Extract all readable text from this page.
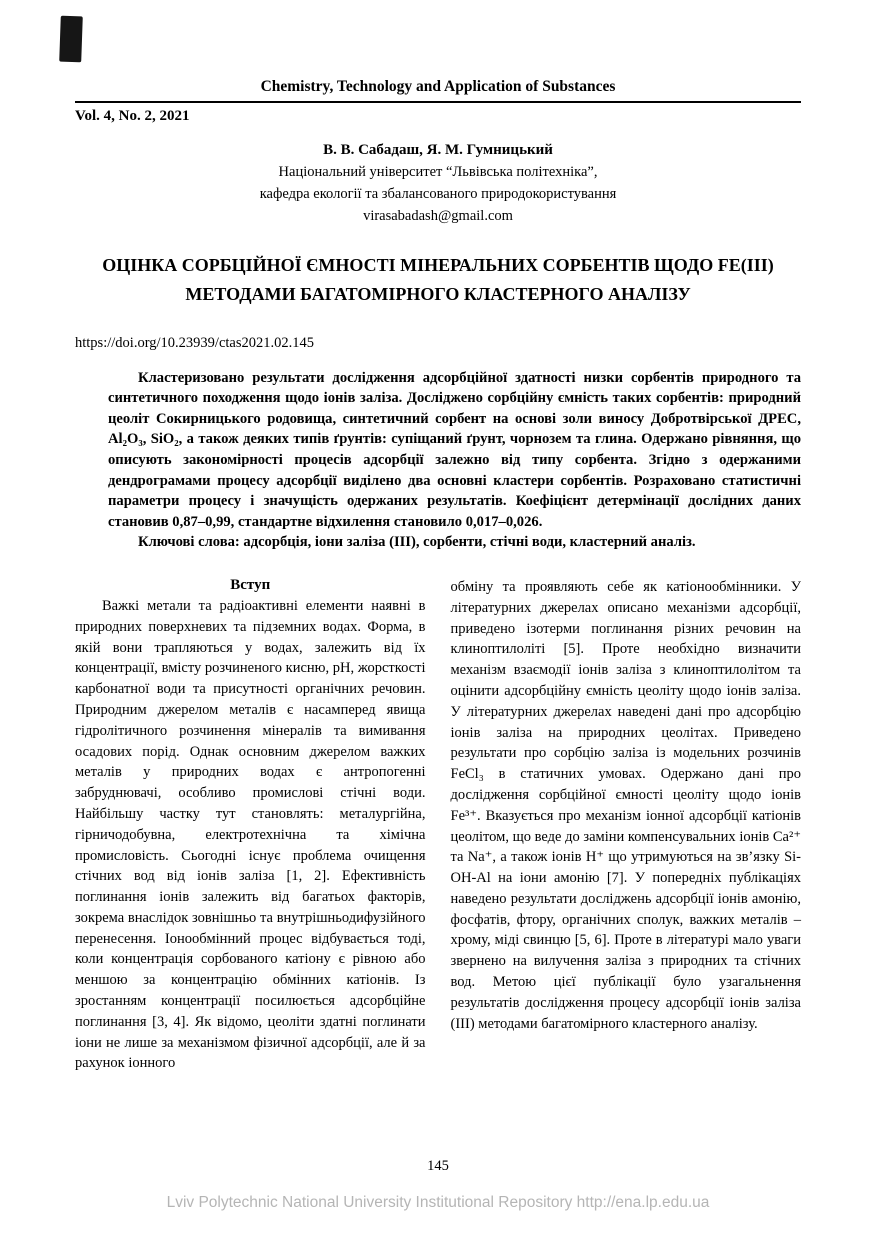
Chemistry, Technology and Application of Substances
Vol. 4, No. 2, 2021
В. В. Сабадаш, Я. М. Гумницький
Національний університет “Львівська політехніка”,
кафедра екології та збалансованого природокористування
virasabadash@gmail.com
ОЦІНКА СОРБЦІЙНОЇ ЄМНОСТІ МІНЕРАЛЬНИХ СОРБЕНТІВ ЩОДО FE(III) МЕТОДАМИ БАГАТОМІРНОГО КЛАСТЕРНОГО АНАЛІЗУ
https://doi.org/10.23939/ctas2021.02.145

Кластеризовано результати дослідження адсорбційної здатності низки сорбентів природного та синтетичного походження щодо іонів заліза. Досліджено сорбційну ємність таких сорбентів: природний цеоліт Сокирницького родовища, синтетичний сорбент на основі золи виносу Добротвірської ДРЕС, Al₂O₃, SiO₂, а також деяких типів ґрунтів: супіщаний ґрунт, чорнозем та глина. Одержано рівняння, що описують закономірності процесів адсорбції залежно від типу сорбента. Згідно з одержаними дендрограмами процесу адсорбції виділено два основні кластери сорбентів. Розраховано статистичні параметри процесу і значущість одержаних результатів. Коефіцієнт детермінації дослідних даних становив 0,87–0,99, стандартне відхилення становило 0,017–0,026.

Ключові слова: адсорбція, іони заліза (III), сорбенти, стічні води, кластерний аналіз.

Вступ

Важкі метали та радіоактивні елементи наявні в природних поверхневих та підземних водах. Форма, в якій вони трапляються у водах, залежить від їх концентрації, вмісту розчиненого кисню, рН, жорсткості карбонатної води та присутності органічних речовин. Природним джерелом металів є насамперед явища гідролітичного розчинення мінералів та вимивання осадових порід. Однак основним джерелом важких металів у природних водах є антропогенні забруднювачі, особливо промислові стічні води. Найбільшу частку тут становлять: металургійна, гірничодобувна, електротехнічна та хімічна промисловість. Сьогодні існує проблема очищення стічних вод від іонів заліза [1, 2]. Ефективність поглинання іонів залежить від багатьох факторів, зокрема внаслідок зовнішньо та внутрішньодифузійного перенесення. Іонообмінний процес відбувається тоді, коли концентрація сорбованого катіону є рівною або меншою за концентрацію обмінних катіонів. Із зростанням концентрації посилюється адсорбційне поглинання [3, 4]. Як відомо, цеоліти здатні поглинати іони не лише за механізмом фізичної адсорбції, але й за рахунок іонного

обміну та проявляють себе як катіонообмінники. У літературних джерелах описано механізми адсорбції, приведено ізотерми поглинання різних речовин на клиноптилоліті [5]. Проте необхідно визначити механізм взаємодії іонів заліза з клиноптилолітом та оцінити адсорбційну ємність цеоліту щодо іонів заліза. У літературних джерелах наведені дані про адсорбцію іонів заліза на природних цеолітах. Приведено результати про сорбцію заліза із модельних розчинів FeCl₃ в статичних умовах. Одержано дані про дослідження сорбційної ємності цеоліту щодо іонів Fe³⁺. Вказується про механізм іонної адсорбції катіонів цеолітом, що веде до заміни компенсувальних іонів Ca²⁺ та Na⁺, а також іонів H⁺ що утримуються на зв’язку Si-OH-Al на іони амонію [7]. У попередніх публікаціях наведено результати досліджень адсорбції іонів амонію, фосфатів, фтору, органічних сполук, важких металів – хрому, міді свинцю [5, 6]. Проте в літературі мало уваги звернено на вилучення заліза з природних та стічних вод. Метою цієї публікації було узагальнення результатів дослідження процесу адсорбції іонів заліза (III) методами багатомірного кластерного аналізу.

145
Lviv Polytechnic National University Institutional Repository http://ena.lp.edu.ua
